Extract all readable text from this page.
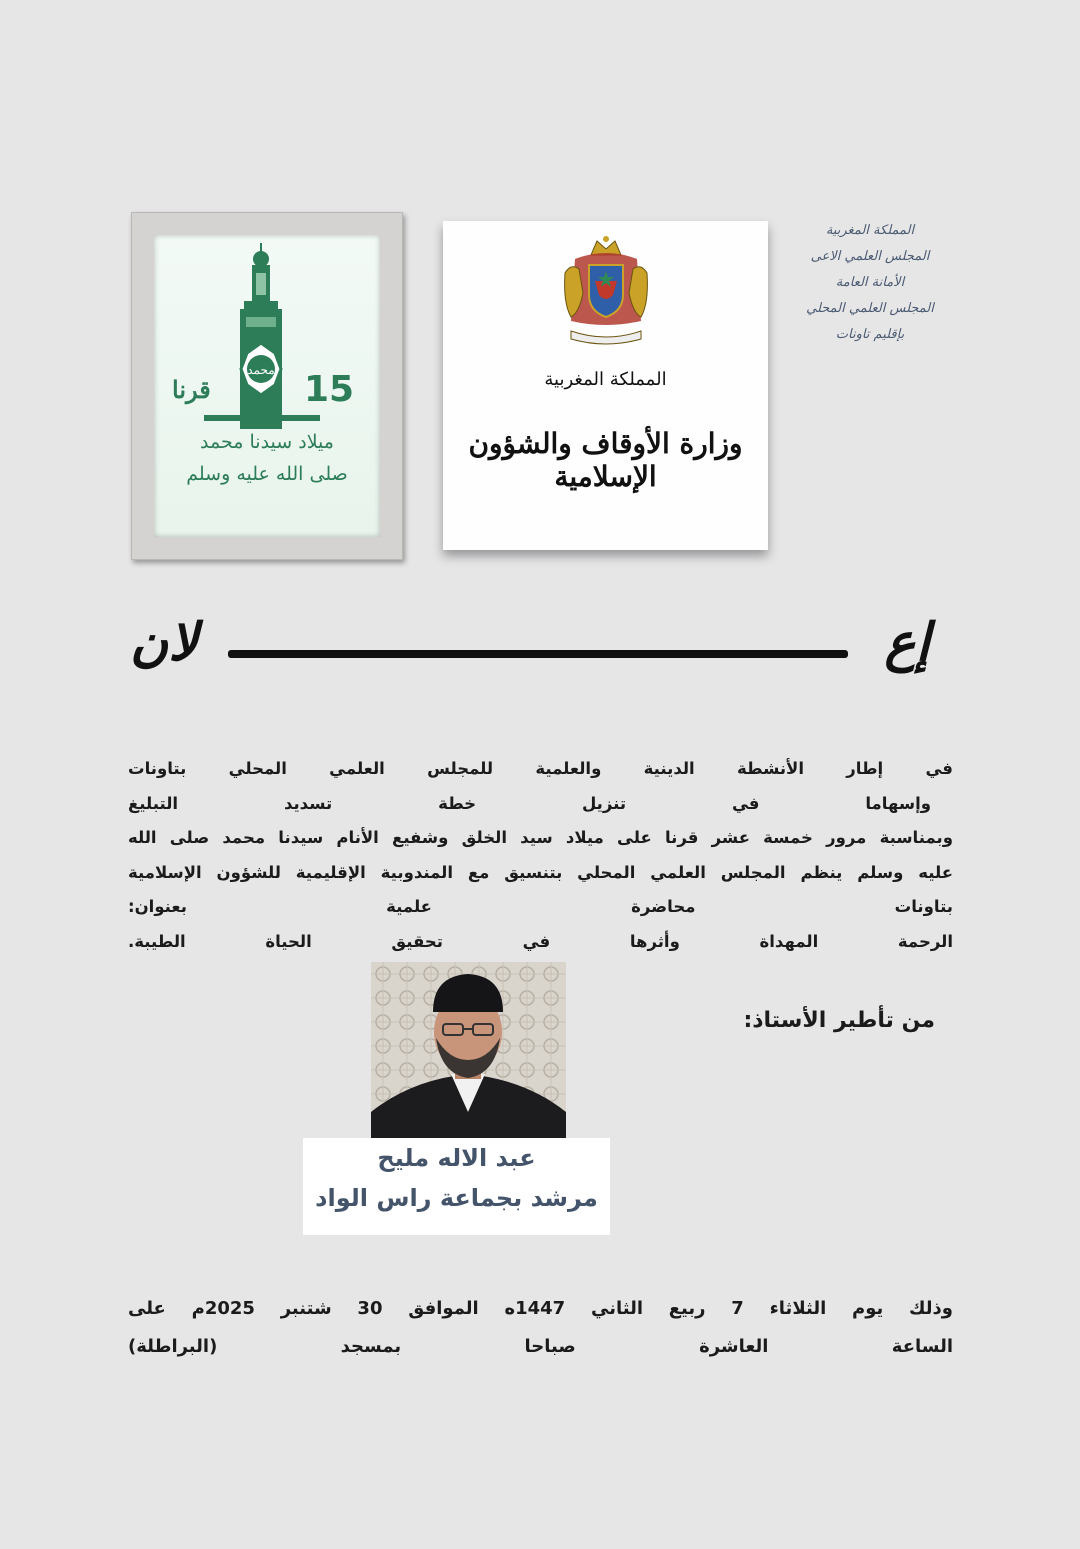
المملكة المغربية
المجلس العلمي الاعى
الأمانة العامة
المجلس العلمي المحلي
بإقليم تاونات
المملكة المغربية
وزارة الأوقاف والشؤون الإسلامية
محمد 15
قرنا
ميلاد سيدنا محمد
صلى الله عليه وسلم
إع
لان
في إطار الأنشطة الدينية والعلمية للمجلس العلمي المحلي بتاونات
وإسهاما في تنزيل خطة تسديد التبليغ
وبمناسبة مرور خمسة عشر قرنا على ميلاد سيد الخلق وشفيع الأنام سيدنا محمد صلى الله
عليه وسلم ينظم المجلس العلمي المحلي بتنسيق مع المندوبية الإقليمية للشؤون الإسلامية
بتاونات محاضرة علمية بعنوان:
الرحمة المهداة وأثرها في تحقيق الحياة الطيبة.
من تأطير الأستاذ:
عبد الاله مليح
مرشد بجماعة راس الواد
وذلك يوم الثلاثاء 7 ربيع الثاني 1447ه الموافق 30 شتنبر 2025م على
الساعة العاشرة صباحا بمسجد (البراطلة)
